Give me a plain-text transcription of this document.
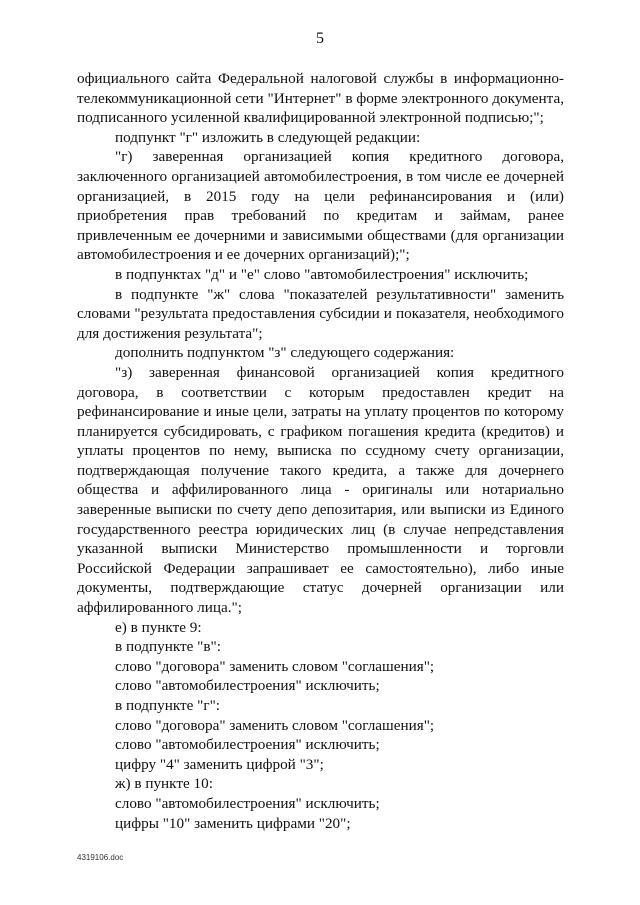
5

официального сайта Федеральной налоговой службы в информационно-телекоммуникационной сети "Интернет" в форме электронного документа, подписанного усиленной квалифицированной электронной подписью;";

подпункт "г" изложить в следующей редакции:

"г) заверенная организацией копия кредитного договора, заключенного организацией автомобилестроения, в том числе ее дочерней организацией, в 2015 году на цели рефинансирования и (или) приобретения прав требований по кредитам и займам, ранее привлеченным ее дочерними и зависимыми обществами (для организации автомобилестроения и ее дочерних организаций);";

в подпунктах "д" и "е" слово "автомобилестроения" исключить;

в подпункте "ж" слова "показателей результативности" заменить словами "результата предоставления субсидии и показателя, необходимого для достижения результата";

дополнить подпунктом "з" следующего содержания:

"з) заверенная финансовой организацией копия кредитного договора, в соответствии с которым предоставлен кредит на рефинансирование и иные цели, затраты на уплату процентов по которому планируется субсидировать, с графиком погашения кредита (кредитов) и уплаты процентов по нему, выписка по ссудному счету организации, подтверждающая получение такого кредита, а также для дочернего общества и аффилированного лица - оригиналы или нотариально заверенные выписки по счету депо депозитария, или выписки из Единого государственного реестра юридических лиц (в случае непредставления указанной выписки Министерство промышленности и торговли Российской Федерации запрашивает ее самостоятельно), либо иные документы, подтверждающие статус дочерней организации или аффилированного лица.";

е) в пункте 9:

в подпункте "в":

слово "договора" заменить словом "соглашения";

слово "автомобилестроения" исключить;

в подпункте "г":

слово "договора" заменить словом "соглашения";

слово "автомобилестроения" исключить;

цифру "4" заменить цифрой "3";

ж) в пункте 10:

слово "автомобилестроения" исключить;

цифры "10" заменить цифрами "20";

4319106.doc
